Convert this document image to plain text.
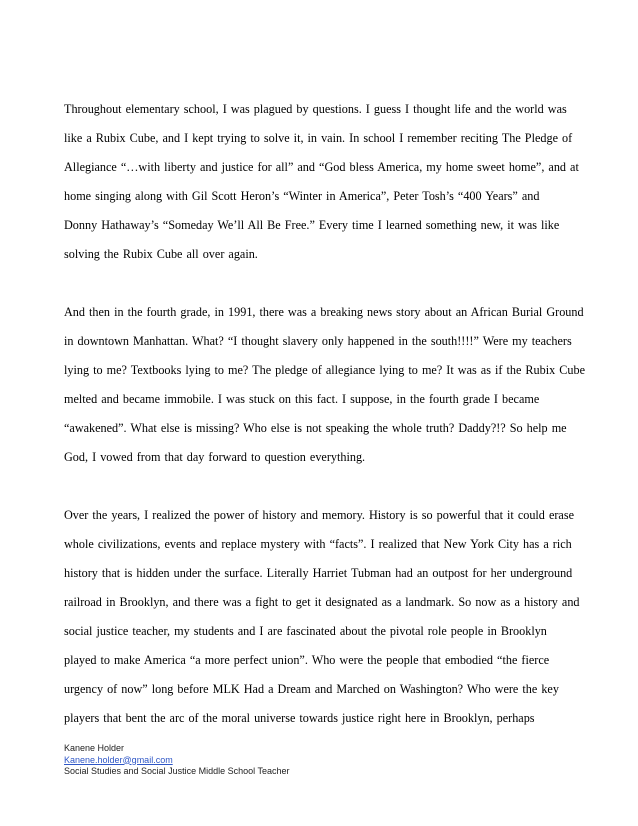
Throughout elementary school, I was plagued by questions. I guess I thought life and the world was
like a Rubix Cube, and I kept trying to solve it, in vain. In school I remember reciting The Pledge of
Allegiance “…with liberty and justice for all” and “God bless America, my home sweet home”, and at
home singing along with Gil Scott Heron’s “Winter in America”, Peter Tosh’s “400 Years” and
Donny Hathaway’s “Someday We’ll All Be Free.” Every time I learned something new, it was like
solving the Rubix Cube all over again.
And then in the fourth grade, in 1991, there was a breaking news story about an African Burial Ground
in downtown Manhattan. What? “I thought slavery only happened in the south!!!!” Were my teachers
lying to me? Textbooks lying to me? The pledge of allegiance lying to me? It was as if the Rubix Cube
melted and became immobile. I was stuck on this fact. I suppose, in the fourth grade I became
“awakened”. What else is missing? Who else is not speaking the whole truth? Daddy?!? So help me
God, I vowed from that day forward to question everything.
Over the years, I realized the power of history and memory. History is so powerful that it could erase
whole civilizations, events and replace mystery with “facts”. I realized that New York City has a rich
history that is hidden under the surface. Literally Harriet Tubman had an outpost for her underground
railroad in Brooklyn, and there was a fight to get it designated as a landmark. So now as a history and
social justice teacher, my students and I are fascinated about the pivotal role people in Brooklyn
played to make America “a more perfect union”. Who were the people that embodied “the fierce
urgency of now” long before MLK Had a Dream and Marched on Washington? Who were the key
players that bent the arc of the moral universe towards justice right here in Brooklyn, perhaps
Kanene Holder
Kanene.holder@gmail.com
Social Studies and Social Justice Middle School Teacher
